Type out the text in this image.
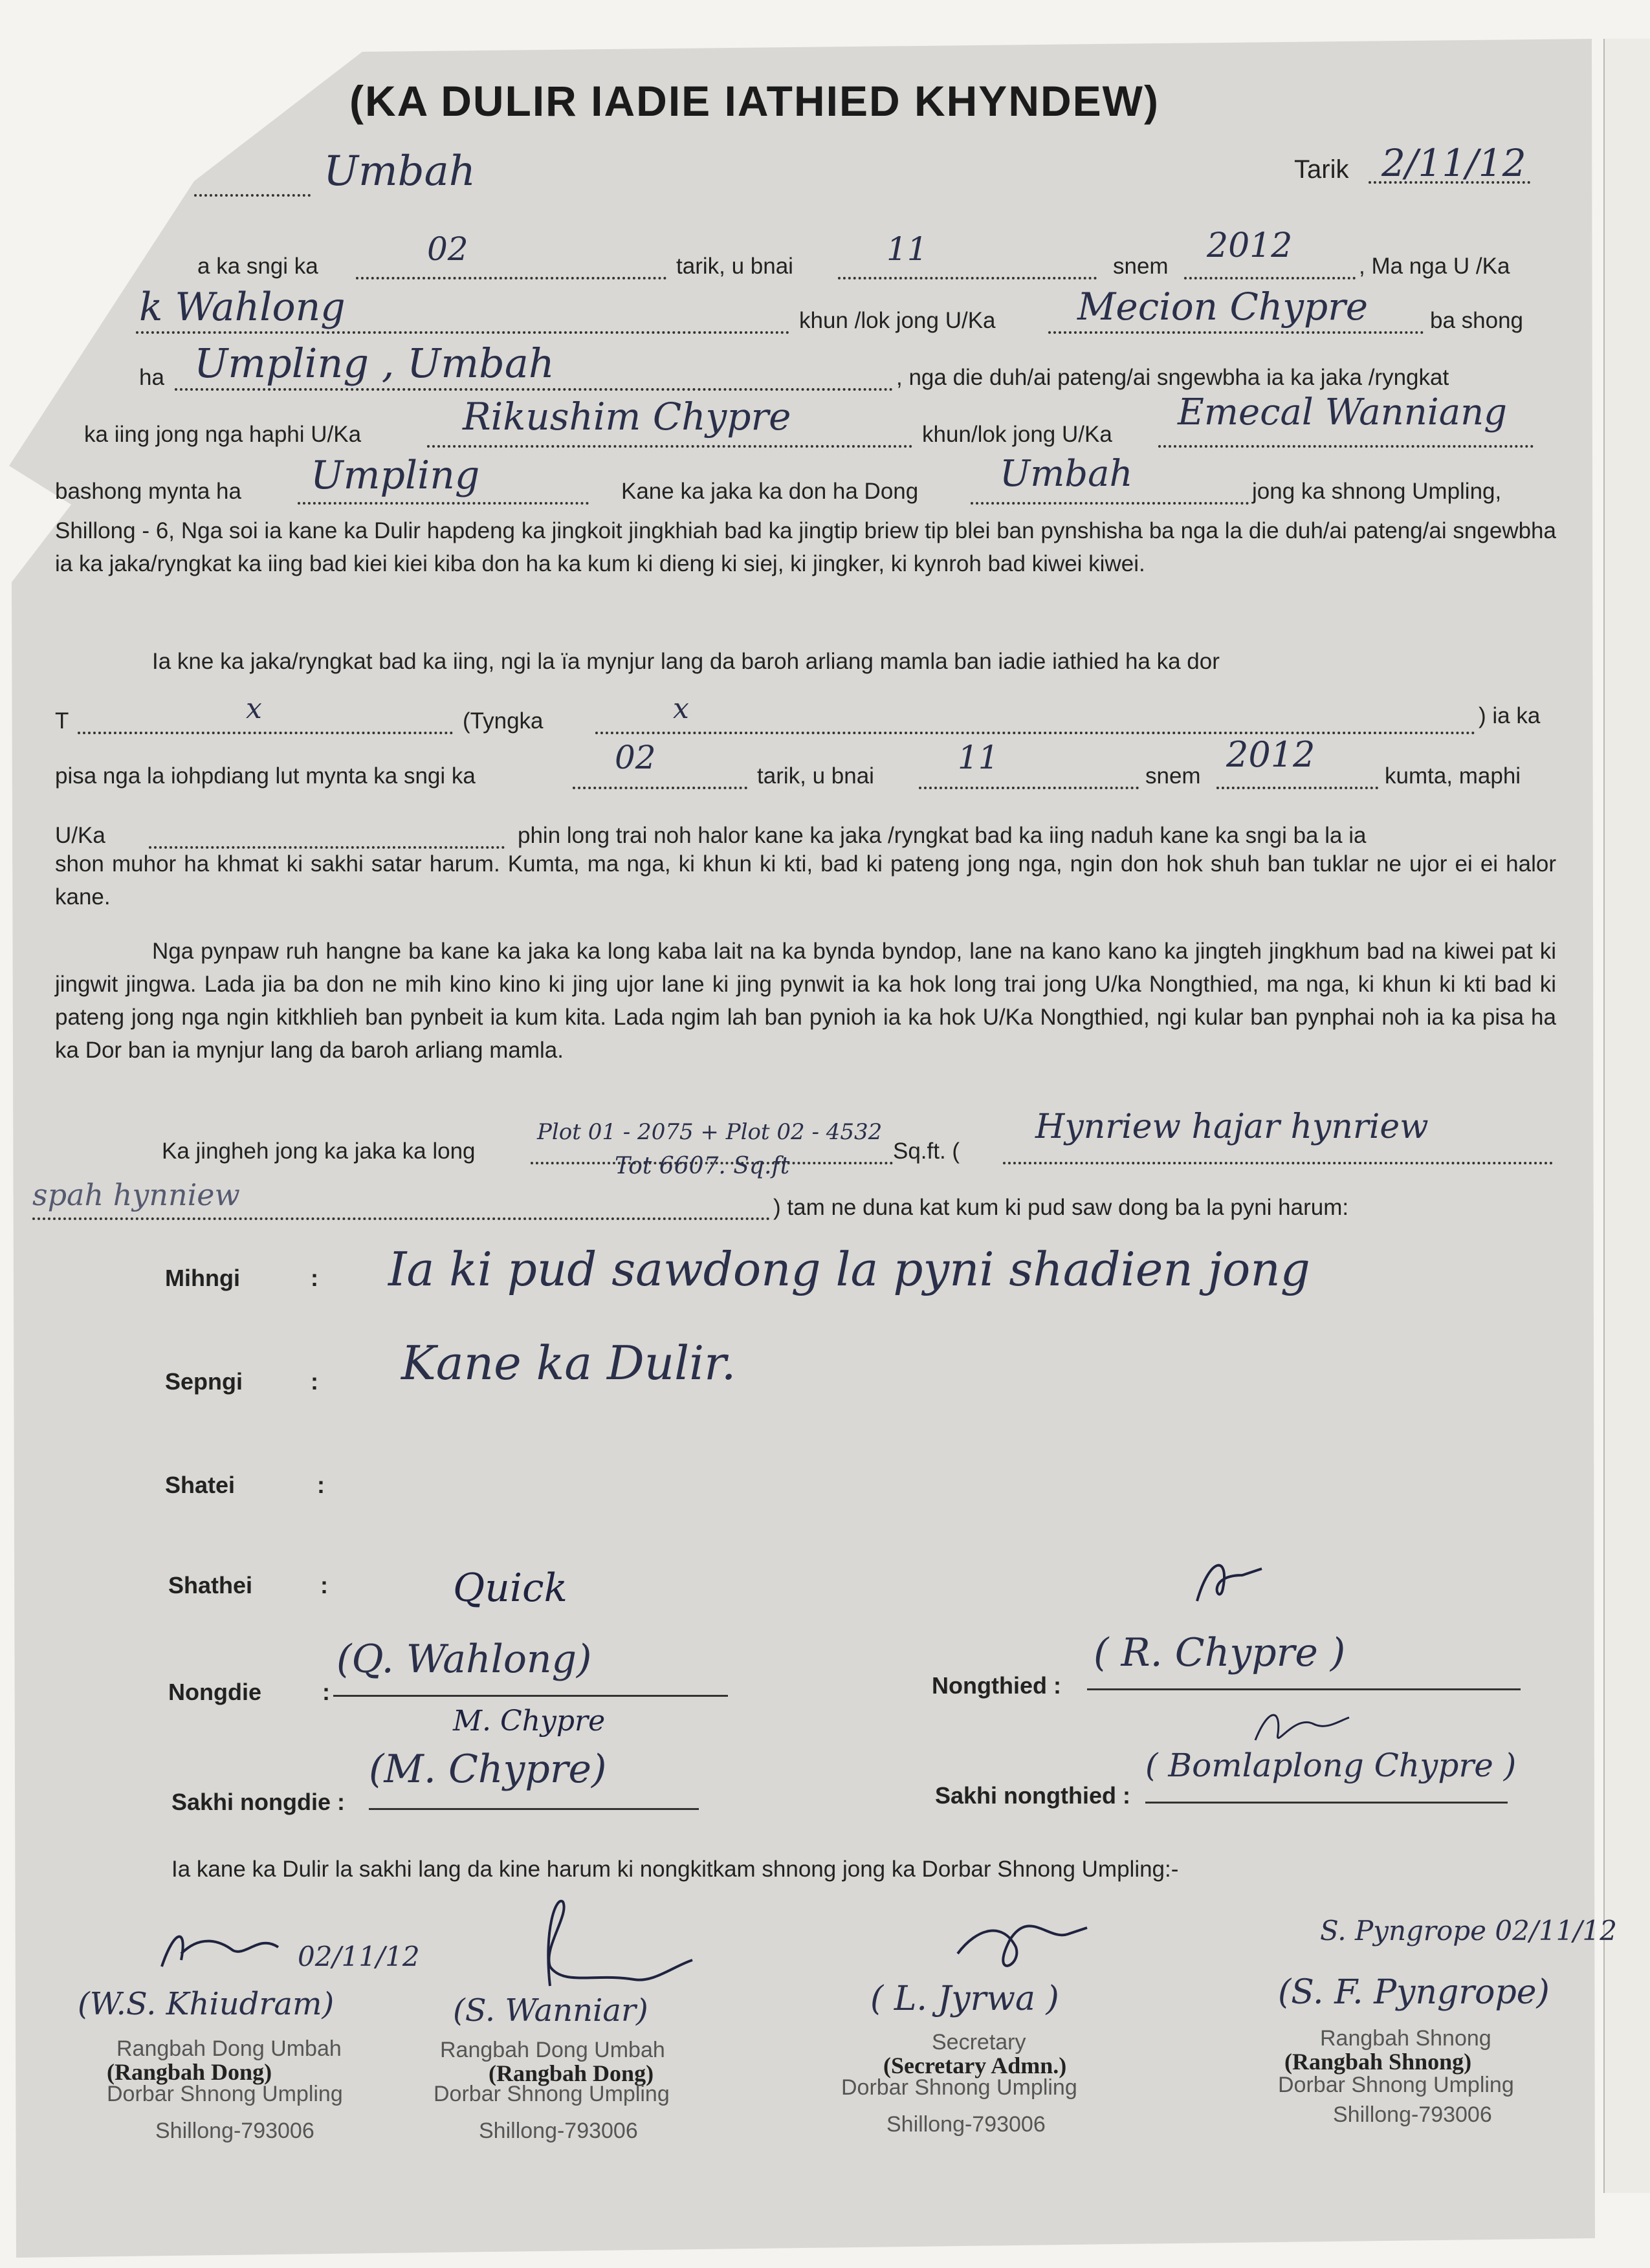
(KA DULIR IADIE IATHIED KHYNDEW)
Umbah	Tarik 2/11/12
a ka sngi ka	02	tarik, u bnai	11	snem
2012
, Ma nga U /Ka
k Wahlong	khun /lok jong U/Ka Mecion Chypre	ba shong
ha Umpling , Umbah	, nga die duh/ai pateng/ai sngewbha ia ka jaka /ryngkat
ka iing jong nga haphi U/Ka	Rikushim Chypre	khun/lok jong U/Ka
Emecal Wanniang
bashong mynta ha Umpling	Kane ka jaka ka don ha Dong Umbah	jong ka shnong Umpling,
Shillong - 6, Nga soi ia kane ka Dulir hapdeng ka jingkoit jingkhiah bad ka jingtip briew tip blei ban pynshisha ba nga la die duh/ai pateng/ai sngewbha ia ka jaka/ryngkat ka iing bad kiei kiei kiba don ha ka kum ki dieng ki siej, ki jingker, ki kynroh bad kiwei kiwei.
Ia kne ka jaka/ryngkat bad ka iing, ngi la ïa mynjur lang da baroh arliang mamla ban iadie iathied ha ka dor
T	x	(Tyngka	x	) ia ka
pisa nga la iohpdiang lut mynta ka sngi ka	02	tarik, u bnai	11	snem
2012
kumta, maphi
U/Ka	phin long trai noh halor kane ka jaka /ryngkat bad ka iing naduh kane ka sngi ba la ia
shon muhor ha khmat ki sakhi satar harum. Kumta, ma nga, ki khun ki kti, bad ki pateng jong nga, ngin don hok shuh ban tuklar ne ujor ei ei halor kane.
Nga pynpaw ruh hangne ba kane ka jaka ka long kaba lait na ka bynda byndop, lane na kano kano ka jingteh jingkhum bad na kiwei pat ki jingwit jingwa. Lada jia ba don ne mih kino kino ki jing ujor lane ki jing pynwit ia ka hok long trai jong U/ka Nongthied, ma nga, ki khun ki kti bad ki pateng jong nga ngin kitkhlieh ban pynbeit ia kum kita. Lada ngim lah ban pynioh ia ka hok U/Ka Nongthied, ngi kular ban pynphai noh ia ka pisa ha ka Dor ban ia mynjur lang da baroh arliang mamla.
Ka jingheh jong ka jaka ka long
Plot 01 - 2075 + Plot 02 - 4532
Tot 6607. Sq.ft
Sq.ft. (
Hynriew hajar hynriew
spah hynniew	) tam ne duna kat kum ki pud saw dong ba la pyni harum:
Mihngi	: Ia ki pud sawdong la pyni shadien jong
Sepngi	: Kane ka Dulir.
Shatei	:
Shathei	:	Quick
Nongdie	:
(Q. Wahlong)
Nongthied :
( R. Chypre )
M. Chypre
Sakhi nongdie :
(M. Chypre)
Sakhi nongthied :
( Bomlaplong Chypre )
Ia kane ka Dulir la sakhi lang da kine harum ki nongkitkam shnong jong ka Dorbar Shnong Umpling:-
02/11/12
(W.S. Khiudram)
Rangbah Dong Umbah
(Rangbah Dong)
Dorbar Shnong Umpling
Shillong-793006
(S. Wanniar)
Rangbah Dong Umbah
(Rangbah Dong)
Dorbar Shnong Umpling
Shillong-793006
( L. Jyrwa )
Secretary
(Secretary Admn.)
Dorbar Shnong Umpling
Shillong-793006
S. Pyngrope 02/11/12
(S. F. Pyngrope)
Rangbah Shnong
(Rangbah Shnong)
Dorbar Shnong Umpling
Shillong-793006
